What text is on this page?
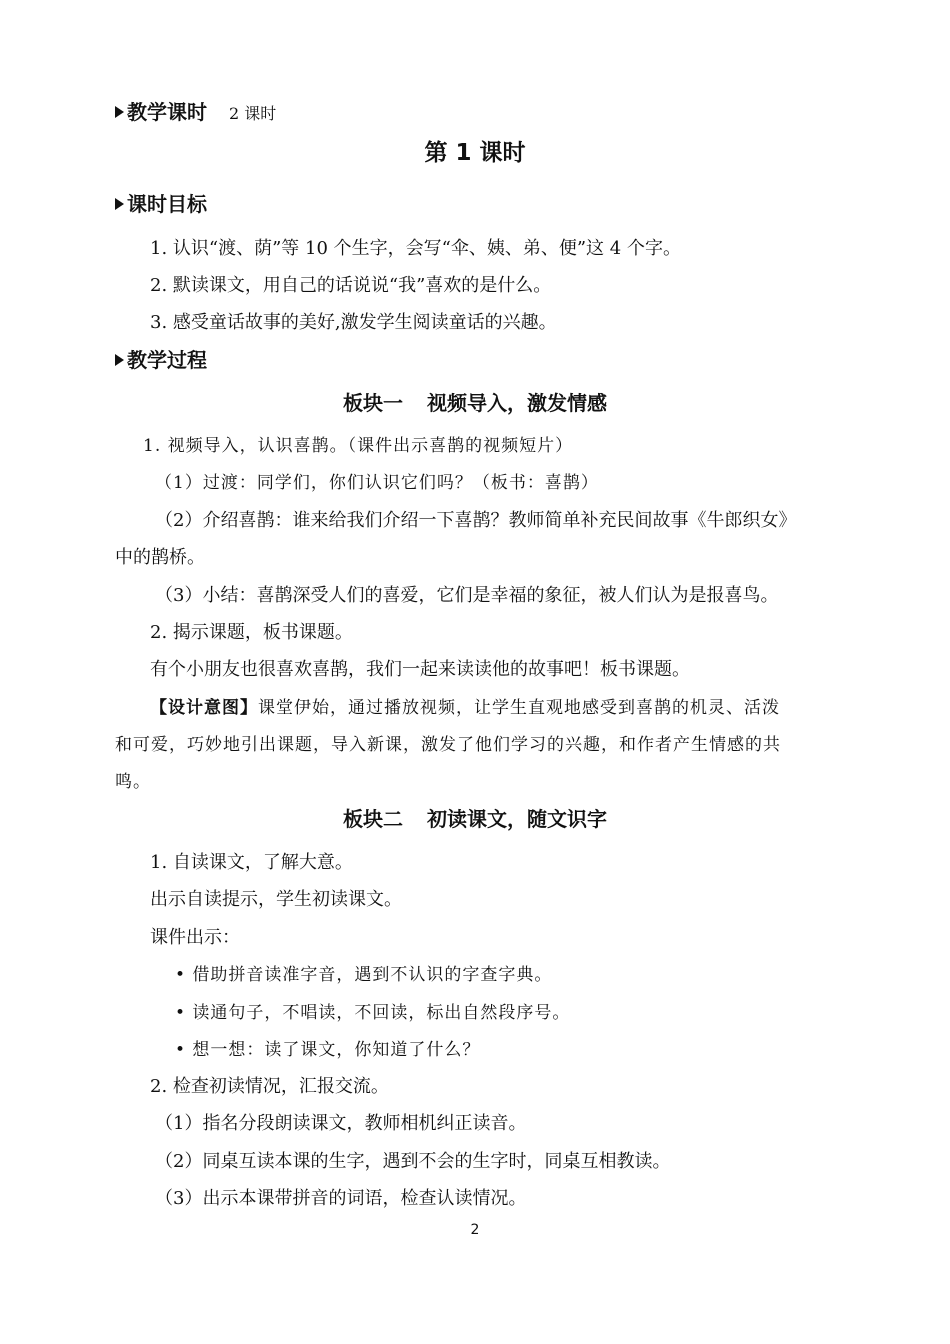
教学课时 2 课时
第 1 课时
课时目标
1. 认识“渡、荫”等 10 个生字，会写“伞、姨、弟、便”这 4 个字。
2. 默读课文，用自己的话说说“我”喜欢的是什么。
3. 感受童话故事的美好,激发学生阅读童话的兴趣。
教学过程
板块一 视频导入，激发情感
1. 视频导入，认识喜鹊。（课件出示喜鹊的视频短片）
（1）过渡：同学们，你们认识它们吗？（板书：喜鹊）
（2）介绍喜鹊：谁来给我们介绍一下喜鹊？教师简单补充民间故事《牛郎织女》
中的鹊桥。
（3）小结：喜鹊深受人们的喜爱，它们是幸福的象征，被人们认为是报喜鸟。
2. 揭示课题，板书课题。
有个小朋友也很喜欢喜鹊，我们一起来读读他的故事吧！板书课题。
【设计意图】课堂伊始，通过播放视频，让学生直观地感受到喜鹊的机灵、活泼
和可爱，巧妙地引出课题，导入新课，激发了他们学习的兴趣，和作者产生情感的共
鸣。
板块二 初读课文，随文识字
1. 自读课文，了解大意。
出示自读提示，学生初读课文。
课件出示：
• 借助拼音读准字音，遇到不认识的字查字典。
• 读通句子，不唱读，不回读，标出自然段序号。
• 想一想：读了课文，你知道了什么？
2. 检查初读情况，汇报交流。
（1）指名分段朗读课文，教师相机纠正读音。
（2）同桌互读本课的生字，遇到不会的生字时，同桌互相教读。
（3）出示本课带拼音的词语，检查认读情况。
2
